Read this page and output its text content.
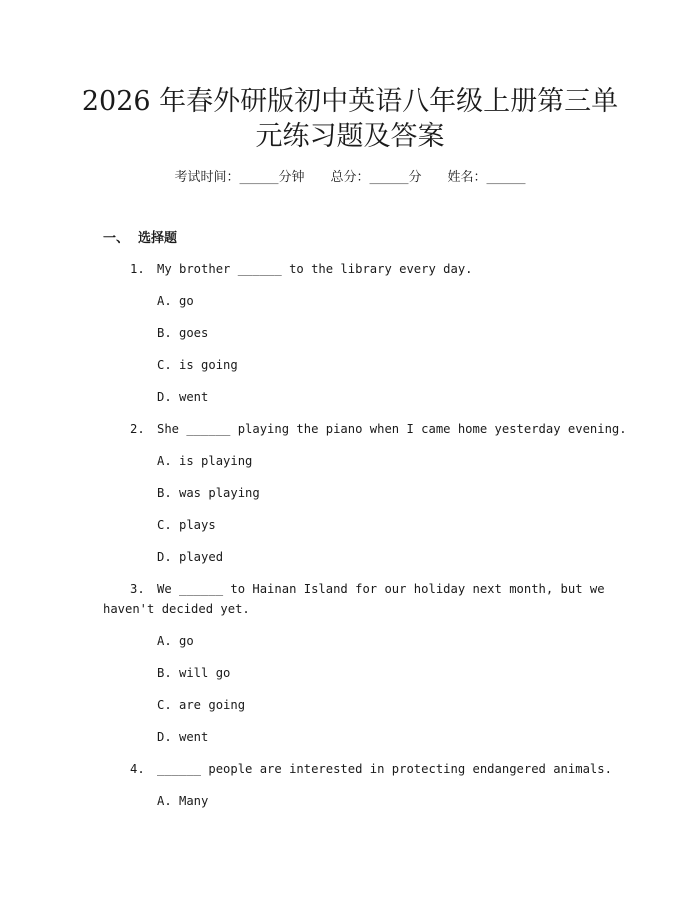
2026 年春外研版初中英语八年级上册第三单
元练习题及答案
考试时间：______分钟 总分：______分 姓名：______
一、  选择题
1. My brother ______ to the library every day.
A. go
B. goes
C. is going
D. went
2. She ______ playing the piano when I came home yesterday evening.
A. is playing
B. was playing
C. plays
D. played
3. We ______ to Hainan Island for our holiday next month, but we
haven't decided yet.
A. go
B. will go
C. are going
D. went
4. ______ people are interested in protecting endangered animals.
A. Many
